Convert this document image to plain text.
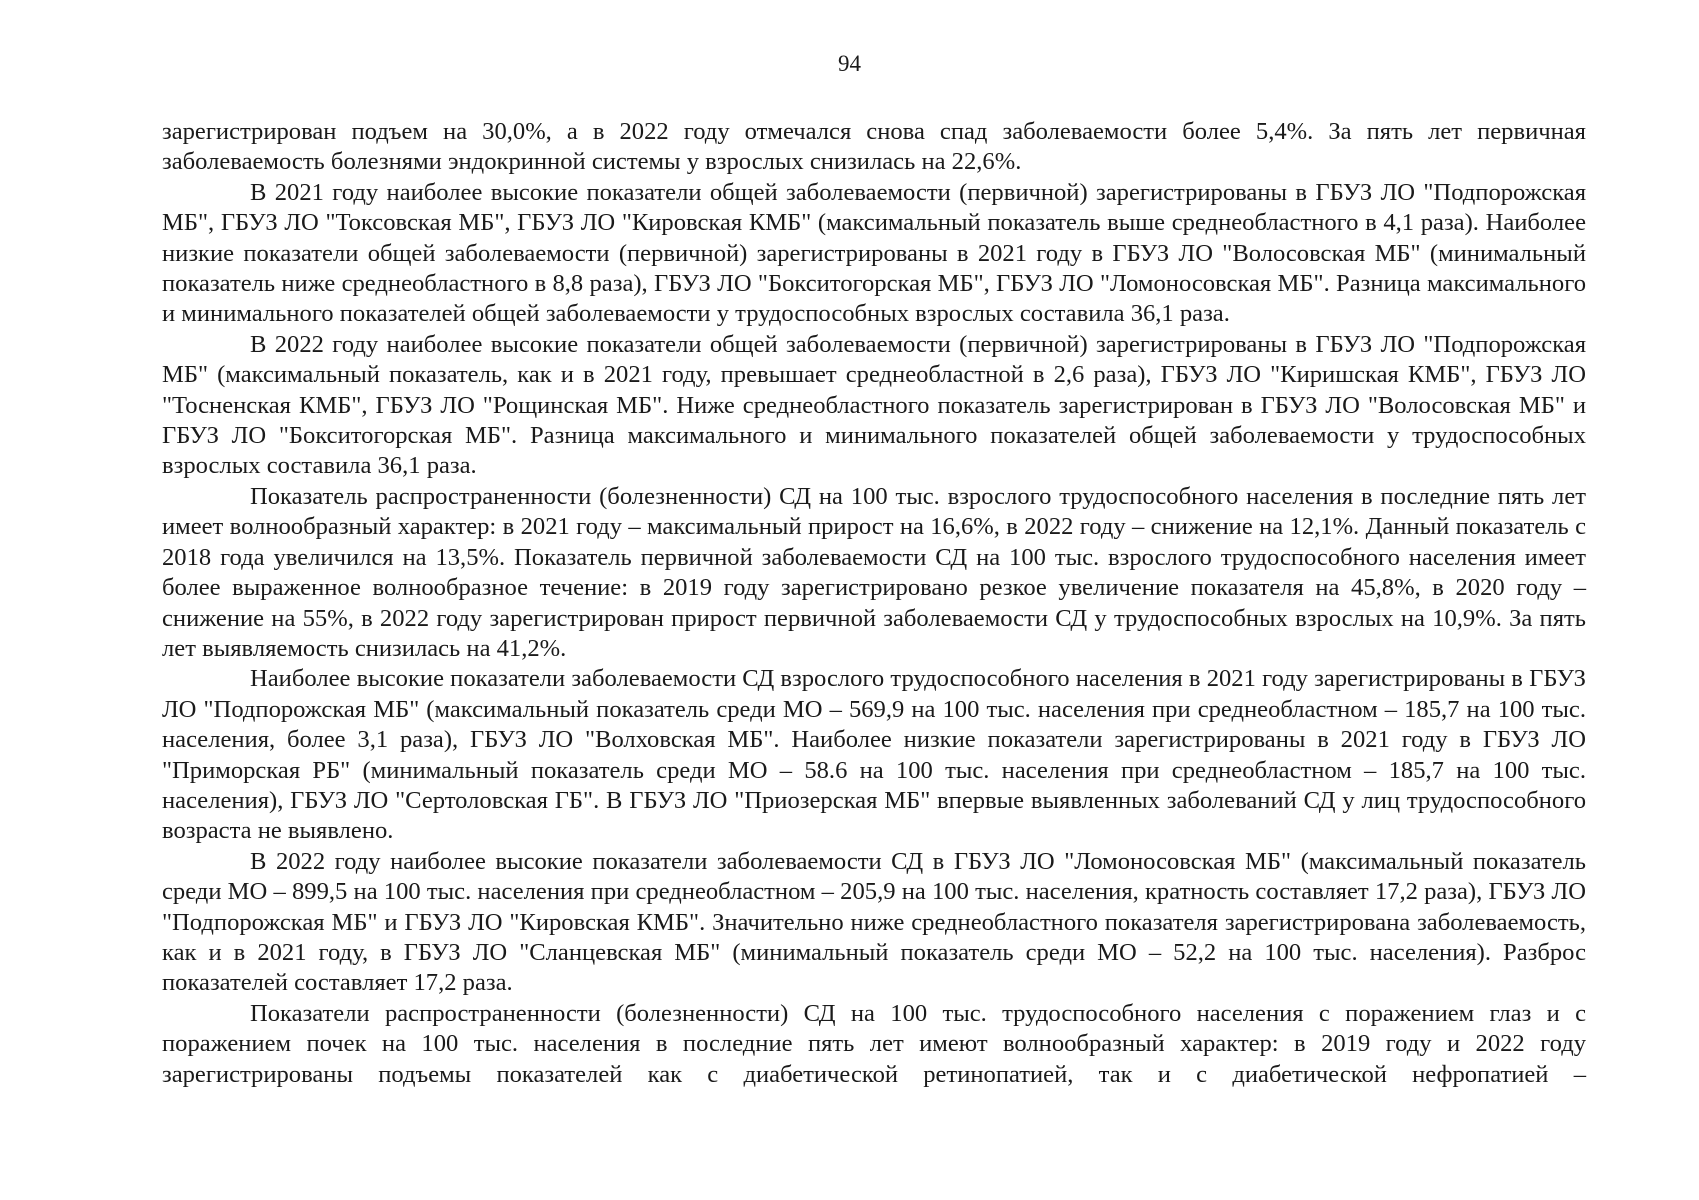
94

зарегистрирован подъем на 30,0%, а в 2022 году отмечался снова спад заболеваемости более 5,4%. За пять лет первичная заболеваемость болезнями эндокринной системы у взрослых снизилась на 22,6%.

В 2021 году наиболее высокие показатели общей заболеваемости (первичной) зарегистрированы в ГБУЗ ЛО "Подпорожская МБ", ГБУЗ ЛО "Токсовская МБ", ГБУЗ ЛО "Кировская КМБ" (максимальный показатель выше среднеобластного в 4,1 раза). Наиболее низкие показатели общей заболеваемости (первичной) зарегистрированы в 2021 году в ГБУЗ ЛО "Волосовская МБ" (минимальный показатель ниже среднеобластного в 8,8 раза), ГБУЗ ЛО "Бокситогорская МБ", ГБУЗ ЛО "Ломоносовская МБ". Разница максимального и минимального показателей общей заболеваемости у трудоспособных взрослых составила 36,1 раза.

В 2022 году наиболее высокие показатели общей заболеваемости (первичной) зарегистрированы в ГБУЗ ЛО "Подпорожская МБ" (максимальный показатель, как и в 2021 году, превышает среднеобластной в 2,6 раза), ГБУЗ ЛО "Киришская КМБ", ГБУЗ ЛО "Тосненская КМБ", ГБУЗ ЛО "Рощинская МБ". Ниже среднеобластного показатель зарегистрирован в ГБУЗ ЛО "Волосовская МБ" и ГБУЗ ЛО "Бокситогорская МБ". Разница максимального и минимального показателей общей заболеваемости у трудоспособных взрослых составила 36,1 раза.

Показатель распространенности (болезненности) СД на 100 тыс. взрослого трудоспособного населения в последние пять лет имеет волнообразный характер: в 2021 году – максимальный прирост на 16,6%, в 2022 году – снижение на 12,1%. Данный показатель с 2018 года увеличился на 13,5%. Показатель первичной заболеваемости СД на 100 тыс. взрослого трудоспособного населения имеет более выраженное волнообразное течение: в 2019 году зарегистрировано резкое увеличение показателя на 45,8%, в 2020 году – снижение на 55%, в 2022 году зарегистрирован прирост первичной заболеваемости СД у трудоспособных взрослых на 10,9%. За пять лет выявляемость снизилась на 41,2%.

Наиболее высокие показатели заболеваемости СД взрослого трудоспособного населения в 2021 году зарегистрированы в ГБУЗ ЛО "Подпорожская МБ" (максимальный показатель среди МО – 569,9 на 100 тыс. населения при среднеобластном – 185,7 на 100 тыс. населения, более 3,1 раза), ГБУЗ ЛО "Волховская МБ". Наиболее низкие показатели зарегистрированы в 2021 году в ГБУЗ ЛО "Приморская РБ" (минимальный показатель среди МО – 58.6 на 100 тыс. населения при среднеобластном – 185,7 на 100 тыс. населения), ГБУЗ ЛО "Сертоловская ГБ". В ГБУЗ ЛО "Приозерская МБ" впервые выявленных заболеваний СД у лиц трудоспособного возраста не выявлено.

В 2022 году наиболее высокие показатели заболеваемости СД в ГБУЗ ЛО "Ломоносовская МБ" (максимальный показатель среди МО – 899,5 на 100 тыс. населения при среднеобластном – 205,9 на 100 тыс. населения, кратность составляет 17,2 раза), ГБУЗ ЛО "Подпорожская МБ" и ГБУЗ ЛО "Кировская КМБ". Значительно ниже среднеобластного показателя зарегистрирована заболеваемость, как и в 2021 году, в ГБУЗ ЛО "Сланцевская МБ" (минимальный показатель среди МО – 52,2 на 100 тыс. населения). Разброс показателей составляет 17,2 раза.

Показатели распространенности (болезненности) СД на 100 тыс. трудоспособного населения с поражением глаз и с поражением почек на 100 тыс. населения в последние пять лет имеют волнообразный характер: в 2019 году и 2022 году зарегистрированы подъемы показателей как с диабетической ретинопатией, так и с диабетической нефропатией –
